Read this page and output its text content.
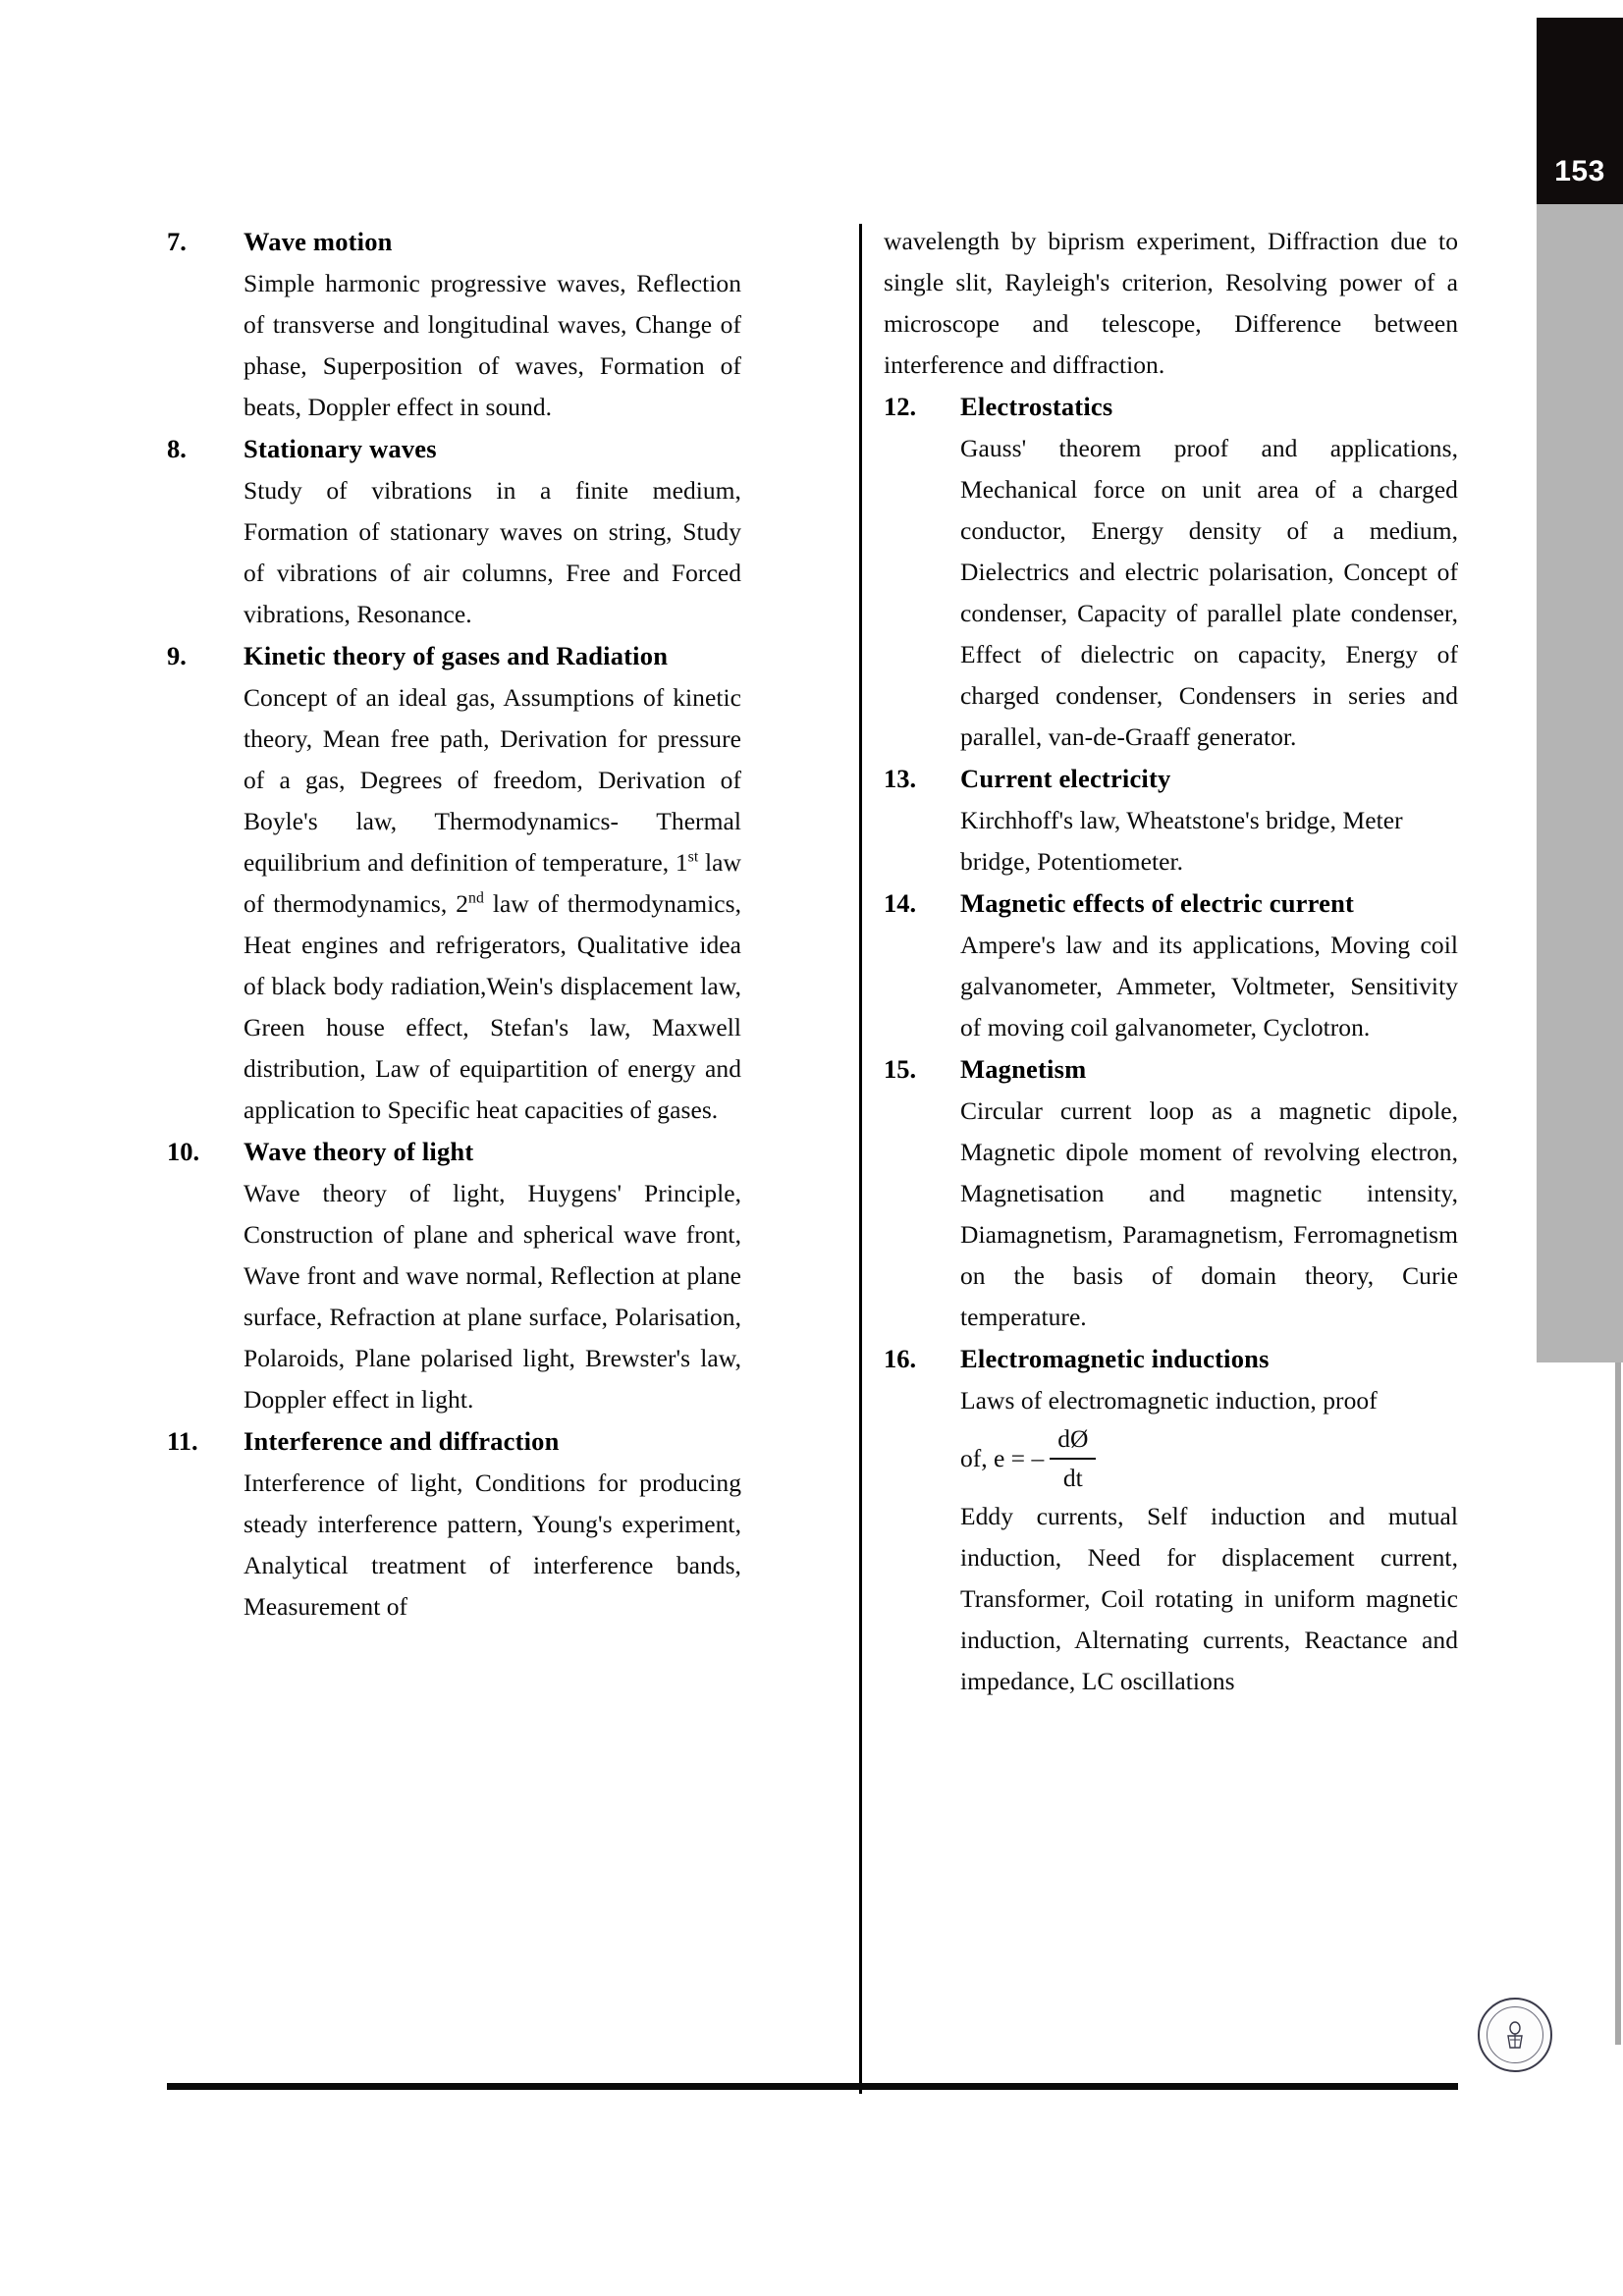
153
7.	Wave motion
Simple harmonic progressive waves, Reflection of transverse and longitudinal waves, Change of phase, Superposition of waves, Formation of beats, Doppler effect in sound.
8.	Stationary waves
Study of vibrations in a finite medium, Formation of stationary waves on string, Study of vibrations of air columns, Free and Forced vibrations, Resonance.
9.	Kinetic theory of gases and Radiation
Concept of an ideal gas, Assumptions of kinetic theory, Mean free path, Derivation for pressure of a gas, Degrees of freedom, Derivation of Boyle's law, Thermodynamics- Thermal equilibrium and definition of temperature, 1st law of thermodynamics, 2nd law of thermodynamics, Heat engines and refrigerators, Qualitative idea of black body radiation,Wein's displacement law, Green house effect, Stefan's law, Maxwell distribution, Law of equipartition of energy and application to Specific heat capacities of gases.
10.	Wave theory of light
Wave theory of light, Huygens' Principle, Construction of plane and spherical wave front, Wave front and wave normal, Reflection at plane surface, Refraction at plane surface, Polarisation, Polaroids, Plane polarised light, Brewster's law, Doppler effect in light.
11.	Interference and diffraction
Interference of light, Conditions for producing steady interference pattern, Young's experiment, Analytical treatment of interference bands, Measurement of
wavelength by biprism experiment, Diffraction due to single slit, Rayleigh's criterion, Resolving power of a microscope and telescope, Difference between interference and diffraction.
12.	Electrostatics
Gauss' theorem proof and applications, Mechanical force on unit area of a charged conductor, Energy density of a medium, Dielectrics and electric polarisation, Concept of condenser, Capacity of parallel plate condenser, Effect of dielectric on capacity, Energy of charged condenser, Condensers in series and parallel, van-de-Graaff generator.
13.	Current electricity
Kirchhoff's law, Wheatstone's bridge, Meter bridge, Potentiometer.
14.	Magnetic effects of electric current
Ampere's law and its applications, Moving coil galvanometer, Ammeter, Voltmeter, Sensitivity of moving coil galvanometer, Cyclotron.
15.	Magnetism
Circular current loop as a magnetic dipole, Magnetic dipole moment of revolving electron, Magnetisation and magnetic intensity, Diamagnetism, Paramagnetism, Ferromagnetism on the basis of domain theory, Curie temperature.
16.	Electromagnetic inductions
Laws of electromagnetic induction, proof
of, e = – $\frac{dØ}{dt}$
Eddy currents, Self induction and mutual induction, Need for displacement current, Transformer, Coil rotating in uniform magnetic induction, Alternating currents, Reactance and impedance, LC oscillations
